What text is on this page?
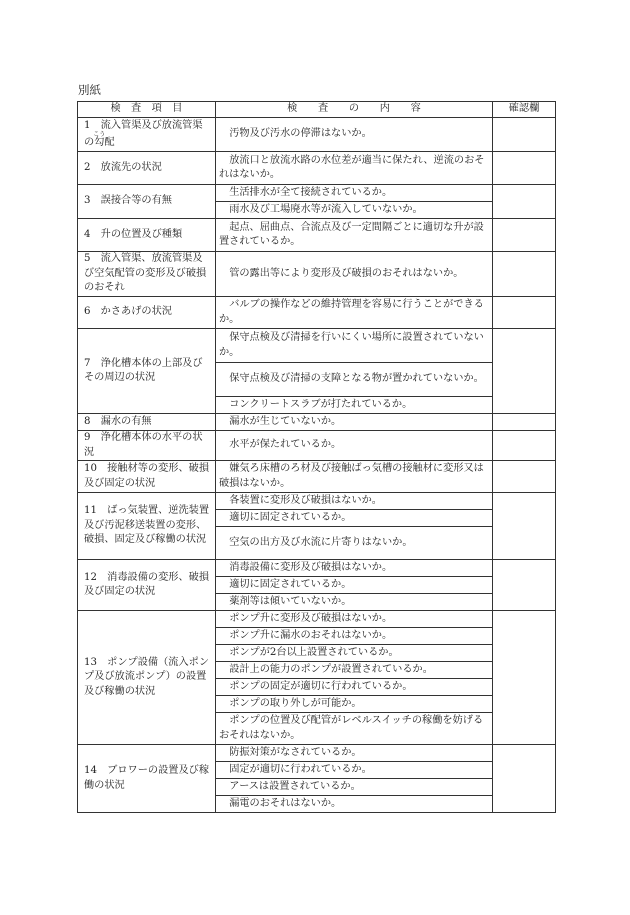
別紙
検　査　項　目	検　　査　　の　　内　　容	確認欄
1　流入管渠及び放流管渠の勾こう配	汚物及び汚水の停滞はないか。	
2　放流先の状況	放流口と放流水路の水位差が適当に保たれ、逆流のおそれはないか。	
3　誤接合等の有無	生活排水が全て接続されているか。	
	雨水及び工場廃水等が流入していないか。	
4　升の位置及び種類	起点、屈曲点、合流点及び一定間隔ごとに適切な升が設置されているか。	
5　流入管渠、放流管渠及び空気配管の変形及び破損のおそれ	管の露出等により変形及び破損のおそれはないか。	
6　かさあげの状況	バルブの操作などの維持管理を容易に行うことができるか。	
7　浄化槽本体の上部及びその周辺の状況	保守点検及び清掃を行いにくい場所に設置されていないか。	
	保守点検及び清掃の支障となる物が置かれていないか。	
	コンクリートスラブが打たれているか。	
8　漏水の有無	漏水が生じていないか。	
9　浄化槽本体の水平の状況	水平が保たれているか。	
10　接触材等の変形、破損及び固定の状況	嫌気ろ床槽のろ材及び接触ばっ気槽の接触材に変形又は破損はないか。	
11　ばっ気装置、逆洗装置及び汚泥移送装置の変形、破損、固定及び稼働の状況	各装置に変形及び破損はないか。	
	適切に固定されているか。	
	空気の出方及び水流に片寄りはないか。	
12　消毒設備の変形、破損及び固定の状況	消毒設備に変形及び破損はないか。	
	適切に固定されているか。	
	薬剤等は傾いていないか。	
13　ポンプ設備（流入ポンプ及び放流ポンプ）の設置及び稼働の状況	ポンプ升に変形及び破損はないか。	
	ポンプ升に漏水のおそれはないか。	
	ポンプが2台以上設置されているか。	
	設計上の能力のポンプが設置されているか。	
	ポンプの固定が適切に行われているか。	
	ポンプの取り外しが可能か。	
	ポンプの位置及び配管がレベルスイッチの稼働を妨げるおそれはないか。	
14　ブロワーの設置及び稼働の状況	防振対策がなされているか。	
	固定が適切に行われているか。	
	アースは設置されているか。	
	漏電のおそれはないか。	
